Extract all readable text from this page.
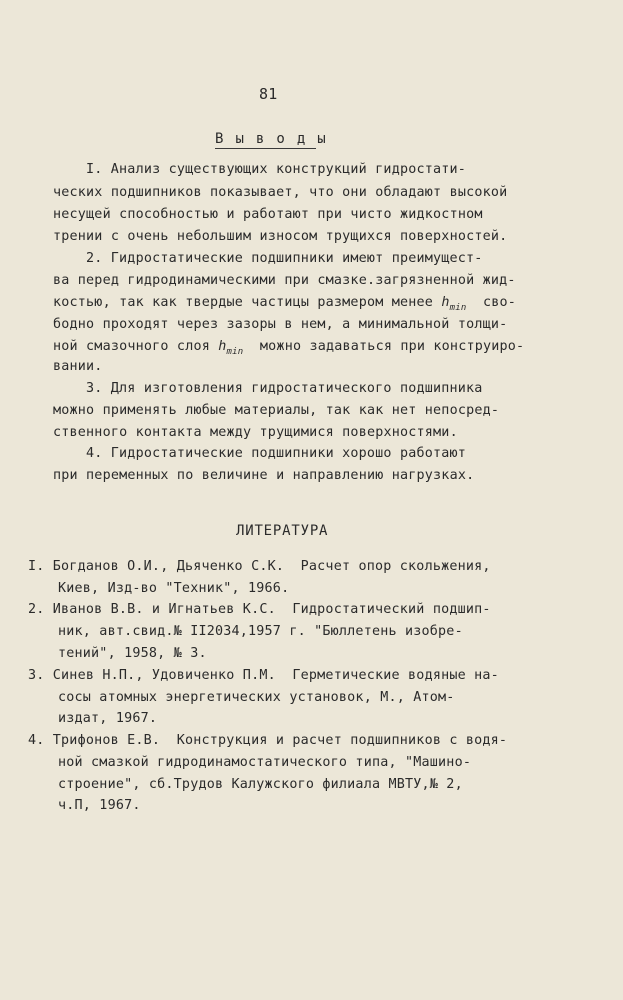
81
В ы в о д ы
I. Анализ существующих конструкций гидростати-
ческих подшипников показывает, что они обладают высокой
несущей способностью и работают при чисто жидкостном
трении с очень небольшим износом трущихся поверхностей.
2. Гидростатические подшипники имеют преимущест-
ва перед гидродинамическими при смазке.загрязненной жид-
костью, так как твердые частицы размером менее $h_{min}$ сво-
бодно проходят через зазоры в нем, а минимальной толщи-
ной смазочного слоя $h_{min}$ можно задаваться при конструиро-
вании.
3. Для изготовления гидростатического подшипника
можно применять любые материалы, так как нет непосред-
ственного контакта между трущимися поверхностями.
4. Гидростатические подшипники хорошо работают
при переменных по величине и направлению нагрузках.
ЛИТЕРАТУРА
I. Богданов О.И., Дьяченко С.К.  Расчет опор скольжения,
Киев, Изд-во "Техник", 1966.
2. Иванов В.В. и Игнатьев К.С.  Гидростатический подшип-
ник, авт.свид.№ II2034,1957 г. "Бюллетень изобре-
тений", 1958, № 3.
3. Синев Н.П., Удовиченко П.М.  Герметические водяные на-
сосы атомных энергетических установок, М., Атом-
издат, 1967.
4. Трифонов Е.В.  Конструкция и расчет подшипников с водя-
ной смазкой гидродинамостатического типа, "Машино-
строение", сб.Трудов Калужского филиала МВТУ,№ 2,
ч.П, 1967.
